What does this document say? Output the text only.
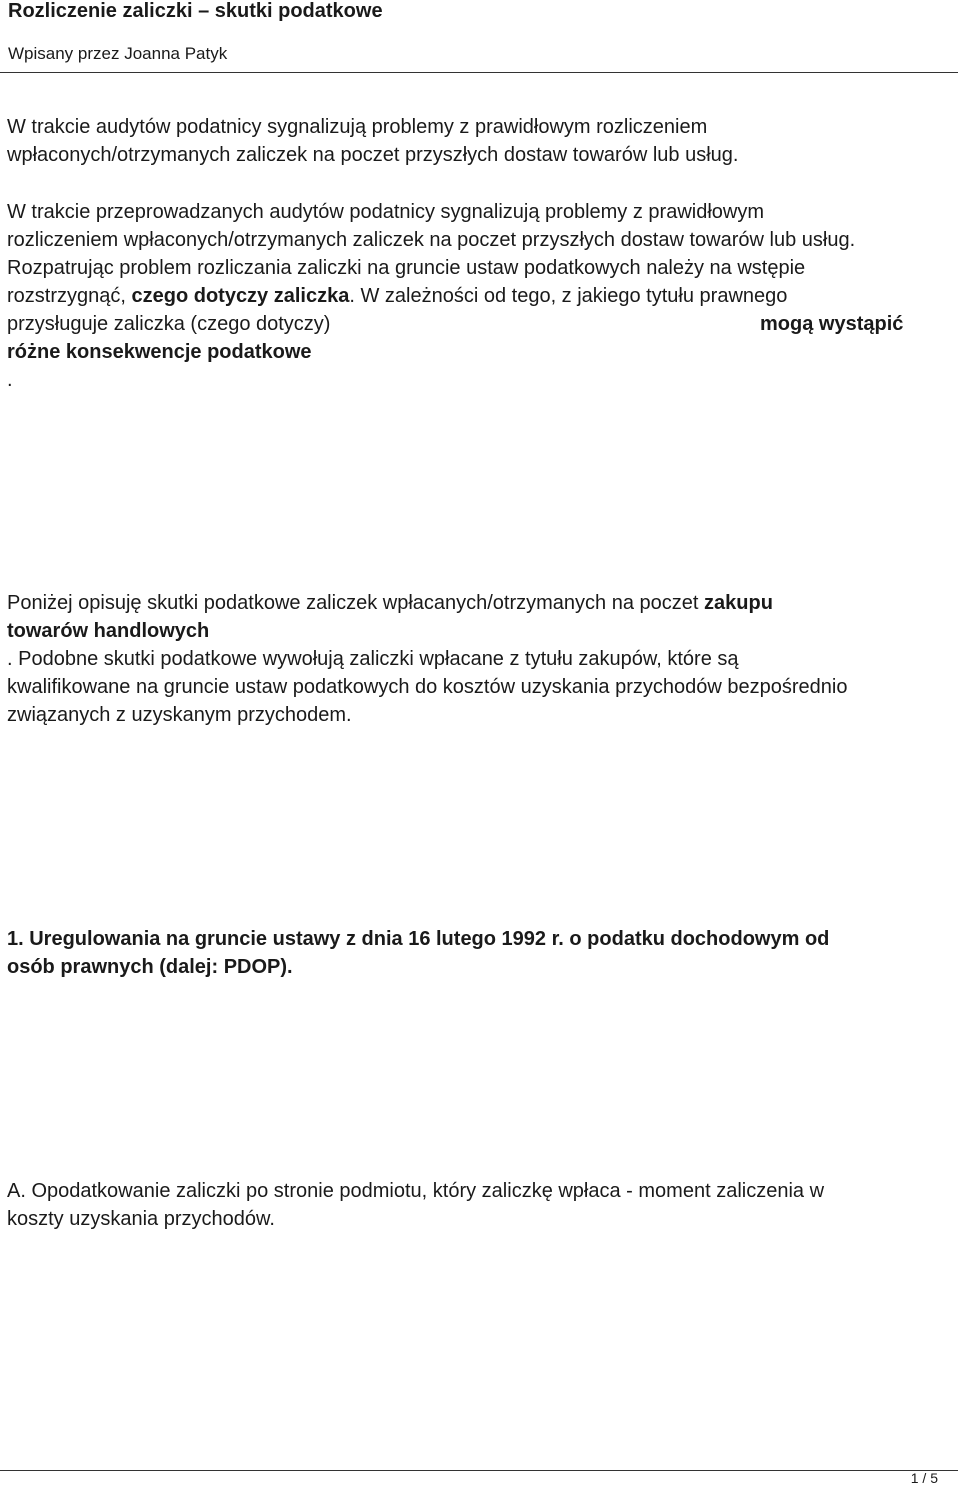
Rozliczenie zaliczki – skutki podatkowe
Wpisany przez Joanna Patyk
W trakcie audytów podatnicy sygnalizują problemy z prawidłowym rozliczeniem
wpłaconych/otrzymanych zaliczek na poczet przyszłych dostaw towarów lub usług.
W trakcie przeprowadzanych audytów podatnicy sygnalizują problemy z prawidłowym
rozliczeniem wpłaconych/otrzymanych zaliczek na poczet przyszłych dostaw towarów lub usług.
Rozpatrując problem rozliczania zaliczki na gruncie ustaw podatkowych należy na wstępie
rozstrzygnąć, czego dotyczy zaliczka. W zależności od tego, z jakiego tytułu prawnego
przysługuje zaliczka (czego dotyczy)	mogą wystąpić
różne konsekwencje podatkowe
.
Poniżej opisuję skutki podatkowe zaliczek wpłacanych/otrzymanych na poczet zakupu
towarów handlowych
. Podobne skutki podatkowe wywołują zaliczki wpłacane z tytułu zakupów, które są
kwalifikowane na gruncie ustaw podatkowych do kosztów uzyskania przychodów bezpośrednio
związanych z uzyskanym przychodem.
1. Uregulowania na gruncie ustawy z dnia 16 lutego 1992 r. o podatku dochodowym od
osób prawnych (dalej: PDOP).
A. Opodatkowanie zaliczki po stronie podmiotu, który zaliczkę wpłaca - moment zaliczenia w
koszty uzyskania przychodów.
1 / 5
